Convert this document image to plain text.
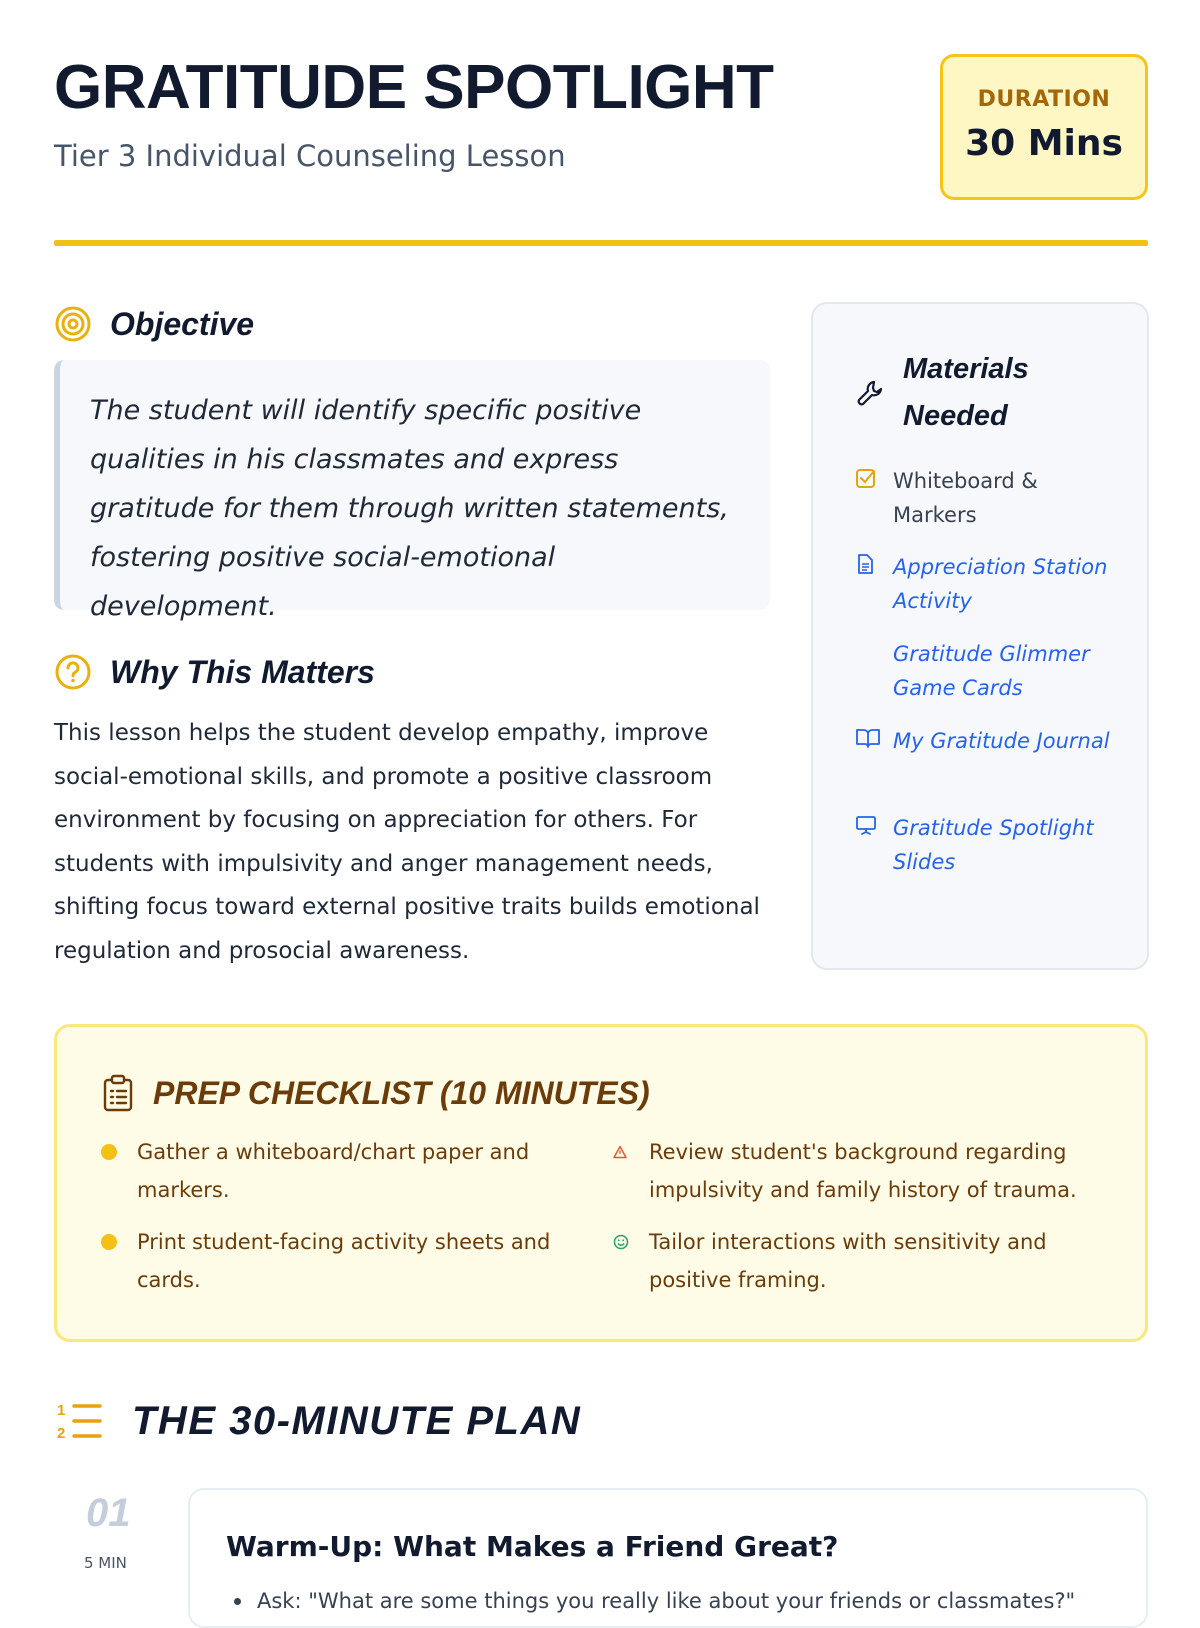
GRATITUDE SPOTLIGHT
Tier 3 Individual Counseling Lesson
DURATION
30 Mins
Objective
The student will identify specific positive qualities in his classmates and express gratitude for them through written statements, fostering positive social-emotional development.
Why This Matters
This lesson helps the student develop empathy, improve social-emotional skills, and promote a positive classroom environment by focusing on appreciation for others. For students with impulsivity and anger management needs, shifting focus toward external positive traits builds emotional regulation and prosocial awareness.
Materials Needed
Whiteboard & Markers
Appreciation Station Activity
Gratitude Glimmer Game Cards
My Gratitude Journal
Gratitude Spotlight Slides
PREP CHECKLIST (10 MINUTES)
Gather a whiteboard/chart paper and markers.
Print student-facing activity sheets and cards.
Review student's background regarding impulsivity and family history of trauma.
Tailor interactions with sensitivity and positive framing.
1
2 THE 30-MINUTE PLAN
01
5 MIN	Warm-Up: What Makes a Friend Great?
Ask: "What are some things you really like about your friends or classmates?"
